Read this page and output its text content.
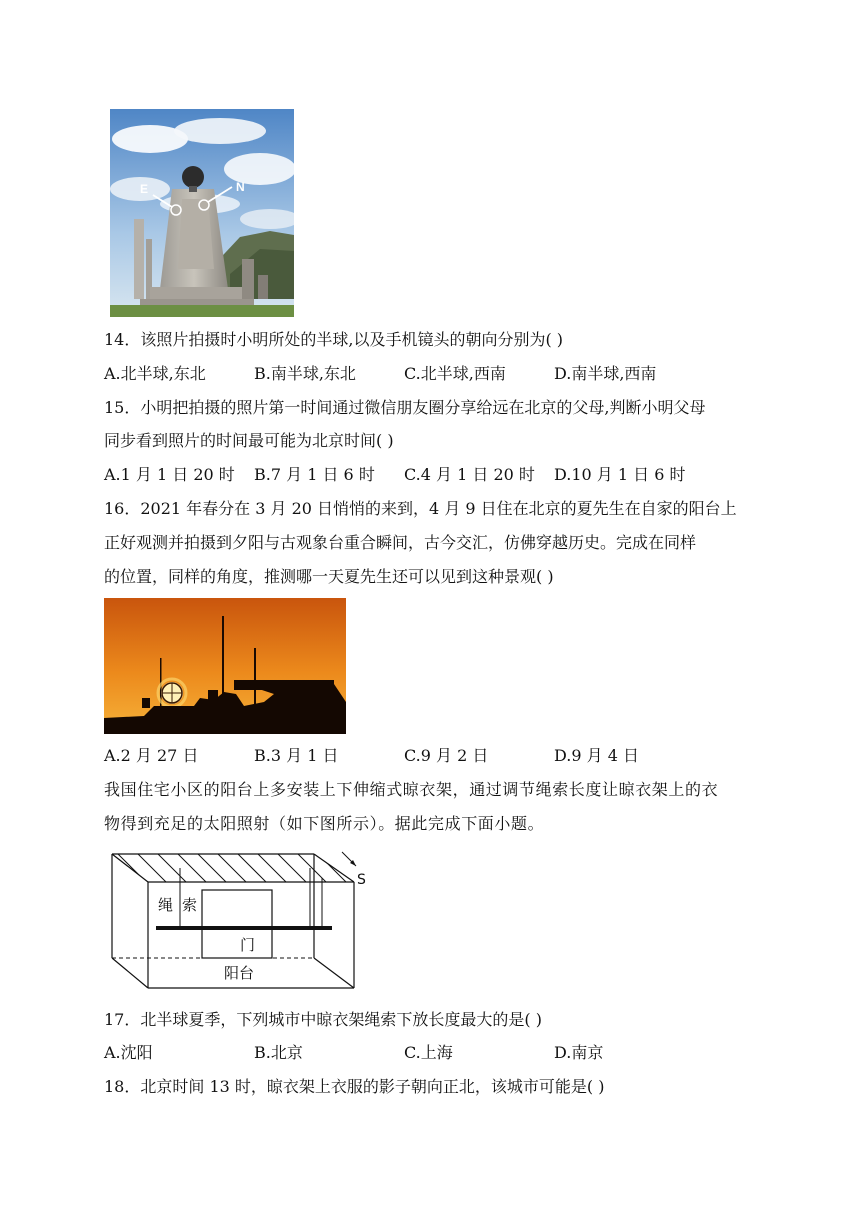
E	N
14．该照片拍摄时小明所处的半球,以及手机镜头的朝向分别为( )
A.北半球,东北	B.南半球,东北	C.北半球,西南	D.南半球,西南
15．小明把拍摄的照片第一时间通过微信朋友圈分享给远在北京的父母,判断小明父母
同步看到照片的时间最可能为北京时间( )
A.1 月 1 日 20 时 B.7 月 1 日 6 时 C.4 月 1 日 20 时 D.10 月 1 日 6 时
16．2021 年春分在 3 月 20 日悄悄的来到，4 月 9 日住在北京的夏先生在自家的阳台上
正好观测并拍摄到夕阳与古观象台重合瞬间，古今交汇，仿佛穿越历史。完成在同样
的位置，同样的角度，推测哪一天夏先生还可以见到这种景观( )
A.2 月 27 日	B.3 月 1 日	C.9 月 2 日	D.9 月 4 日
我国住宅小区的阳台上多安装上下伸缩式晾衣架，通过调节绳索长度让晾衣架上的衣
物得到充足的太阳照射（如下图所示）。据此完成下面小题。
S
绳 索
门
阳台
17．北半球夏季，下列城市中晾衣架绳索下放长度最大的是( )
A.沈阳	B.北京	C.上海	D.南京
18．北京时间 13 时，晾衣架上衣服的影子朝向正北，该城市可能是( )
